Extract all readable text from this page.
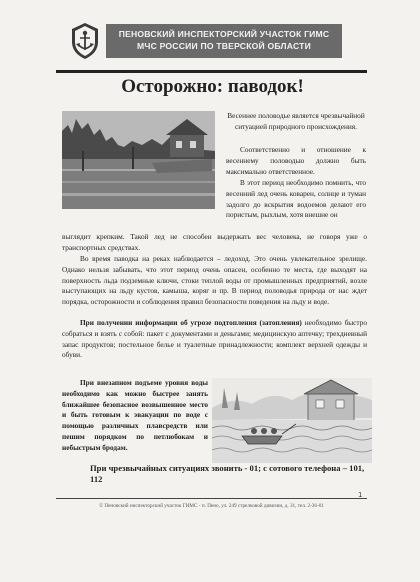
ПЕНОВСКИЙ ИНСПЕКТОРСКИЙ УЧАСТОК ГИМС
МЧС РОССИИ ПО ТВЕРСКОЙ ОБЛАСТИ
Осторожно: паводок!

Весеннее половодье является чрезвычайной ситуацией природного происхождения.

Соответственно и отношение к весеннему половодью должно быть максимально ответственное.

В этот период необходимо помнить, что весенний лед очень коварен, солнце и туман задолго до вскрытия водоемов делают его пористым, рыхлым, хотя внешне он

выглядит крепким. Такой лед не способен выдержать вес человека, не говоря уже о транспортных средствах.

Во время паводка на реках наблюдается – ледоход. Это очень увлекательное зрелище. Однако нельзя забывать, что этот период очень опасен, особенно те места, где выходят на поверхность льда подземные ключи, стоки теплой воды от промышленных предприятий, возле выступающих на льду кустов, камыша, коряг и пр. В период половодья природа от нас ждет порядка, осторожности и соблюдения правил безопасности поведения на льду и воде.

При получении информации об угрозе подтопления (затопления) необходимо быстро собраться и взять с собой: пакет с документами и деньгами; медицинскую аптечку; трехдневный запас продуктов; постельное белье и туалетные принадлежности; комплект верхней одежды и обуви.

При внезапном подъеме уровня воды необходимо как можно быстрее занять ближайшее безопасное возвышенное место и быть готовым к эвакуации по воде с помощью различных плавсредств или пешим порядком по петлюбокам и небыстрым бродам.

При чрезвычайных ситуациях звонить - 01; с сотового телефона – 101, 112
1
© Пеновский инспекторский участок ГИМС - п. Пено, ул. 249 стрелковой дивизии, д. 31, тел. 2-36-01
